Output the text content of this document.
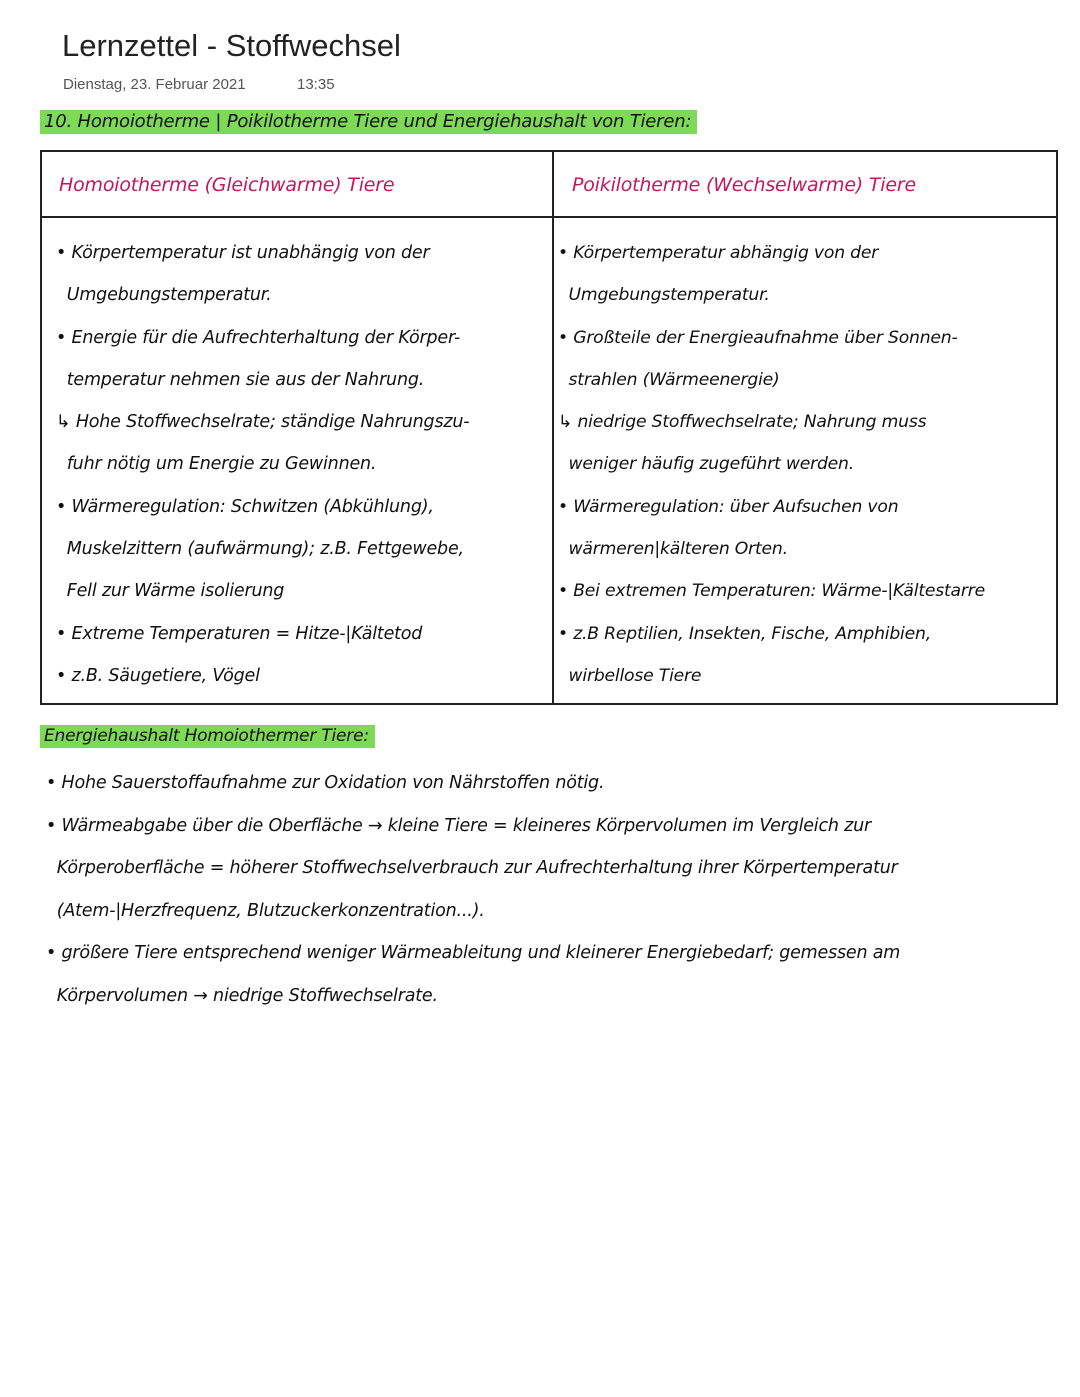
Lernzettel - Stoffwechsel
Dienstag, 23. Februar 2021	13:35
10. Homoiotherme | Poikilotherme Tiere und Energiehaushalt von Tieren:
Homoiotherme (Gleichwarme) Tiere	Poikilotherme (Wechselwarme) Tiere
• Körpertemperatur ist unabhängig von der
Umgebungstemperatur.
• Energie für die Aufrechterhaltung der Körper-
temperatur nehmen sie aus der Nahrung.
↳ Hohe Stoffwechselrate; ständige Nahrungszu-
fuhr nötig um Energie zu Gewinnen.
• Wärmeregulation: Schwitzen (Abkühlung),
Muskelzittern (aufwärmung); z.B. Fettgewebe,
Fell zur Wärme isolierung
• Extreme Temperaturen = Hitze-|Kältetod
• z.B. Säugetiere, Vögel
• Körpertemperatur abhängig von der
Umgebungstemperatur.
• Großteile der Energieaufnahme über Sonnen-
strahlen (Wärmeenergie)
↳ niedrige Stoffwechselrate; Nahrung muss
weniger häufig zugeführt werden.
• Wärmeregulation: über Aufsuchen von
wärmeren|kälteren Orten.
• Bei extremen Temperaturen: Wärme-|Kältestarre
• z.B Reptilien, Insekten, Fische, Amphibien,
wirbellose Tiere
Energiehaushalt Homoiothermer Tiere:
• Hohe Sauerstoffaufnahme zur Oxidation von Nährstoffen nötig.
• Wärmeabgabe über die Oberfläche → kleine Tiere = kleineres Körpervolumen im Vergleich zur
Körperoberfläche = höherer Stoffwechselverbrauch zur Aufrechterhaltung ihrer Körpertemperatur
(Atem-|Herzfrequenz, Blutzuckerkonzentration...).
• größere Tiere entsprechend weniger Wärmeableitung und kleinerer Energiebedarf; gemessen am
Körpervolumen → niedrige Stoffwechselrate.
